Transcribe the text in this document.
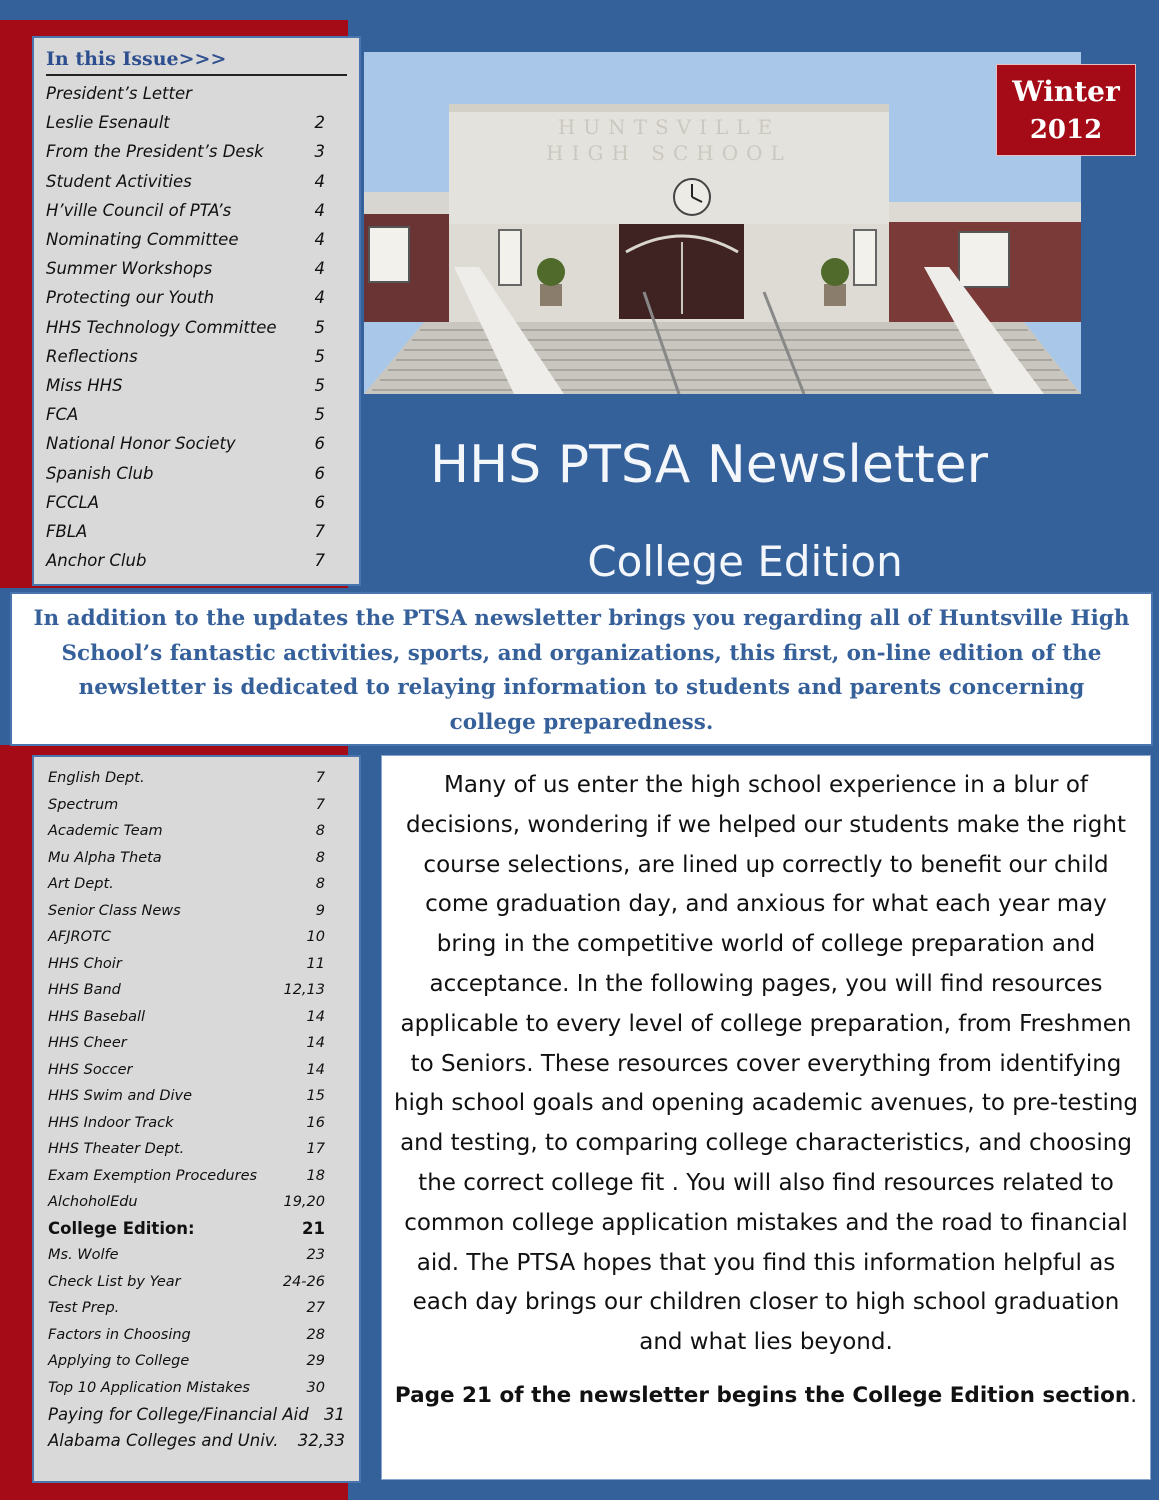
In this Issue>>>
President’s Letter
Leslie Esenault	2
From the President’s Desk	3
Student Activities	4
H’ville Council of PTA’s	4
Nominating Committee	4
Summer Workshops	4
Protecting our Youth	4
HHS Technology Committee 5
Reflections	5
Miss HHS	5
FCA	5
National Honor Society	6
Spanish Club	6
FCCLA	6
FBLA	7
Anchor Club	7
HUNTSVILLE
HIGH SCHOOL
Winter
2012
HHS PTSA Newsletter
College Edition
In addition to the updates the PTSA newsletter brings you regarding all of Huntsville High School’s fantastic activities, sports, and organizations, this first, on-line edition of the newsletter is dedicated to relaying information to students and parents concerning college preparedness.
English Dept.	7
Spectrum	7
Academic Team	8
Mu Alpha Theta	8
Art Dept.	8
Senior Class News	9
AFJROTC	10
HHS Choir	11
HHS Band	12,13
HHS Baseball	14
HHS Cheer	14
HHS Soccer	14
HHS Swim and Dive	15
HHS Indoor Track	16
HHS Theater Dept.	17
Exam Exemption Procedures	18
AlchoholEdu	19,20
College Edition:	21
Ms. Wolfe	23
Check List by Year	24-26
Test Prep.	27
Factors in Choosing	28
Applying to College	29
Top 10 Application Mistakes	30
Paying for College/Financial Aid 31
Alabama Colleges and Univ. 32,33

Many of us enter the high school experience in a blur of decisions, wondering if we helped our students make the right course selections, are lined up correctly to benefit our child come graduation day, and anxious for what each year may bring in the competitive world of college preparation and acceptance. In the following pages, you will find resources applicable to every level of college preparation, from Freshmen to Seniors. These resources cover everything from identifying high school goals and opening academic avenues, to pre-testing and testing, to comparing college characteristics, and choosing the correct college fit . You will also find resources related to common college application mistakes and the road to financial aid. The PTSA hopes that you find this information helpful as each day brings our children closer to high school graduation and what lies beyond.

Page 21 of the newsletter begins the College Edition section.
